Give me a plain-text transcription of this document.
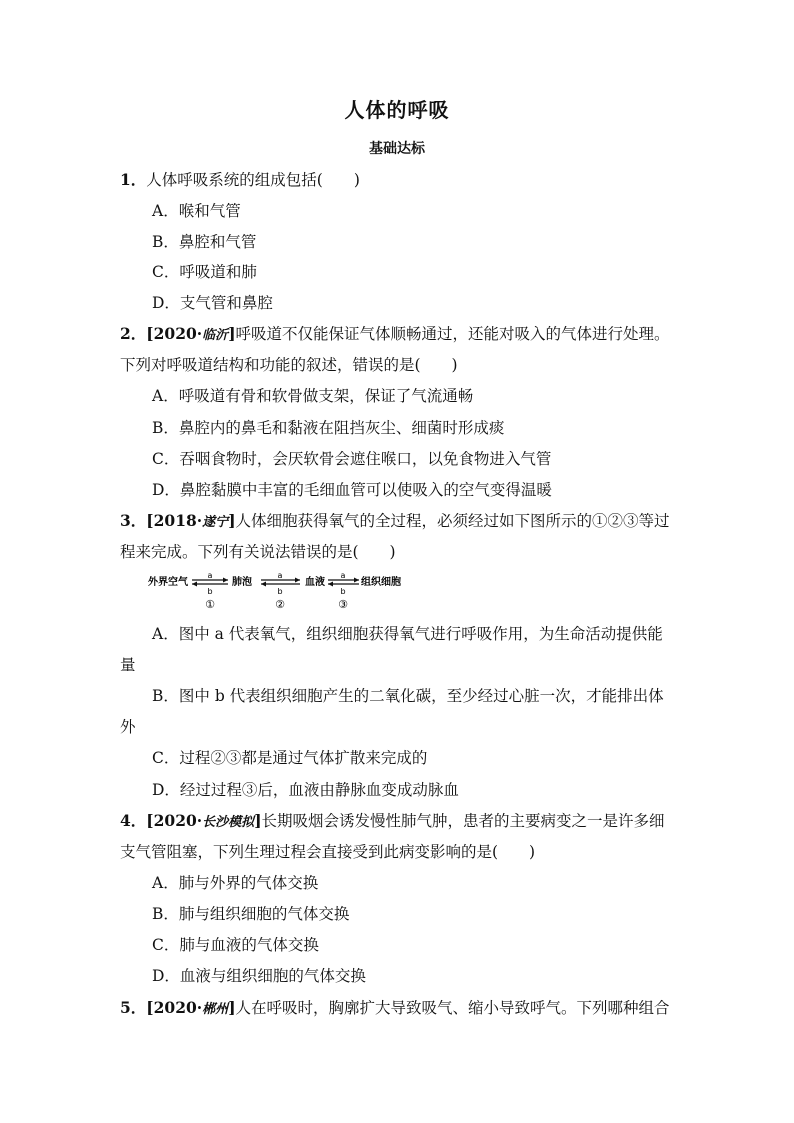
人体的呼吸
基础达标
1．人体呼吸系统的组成包括(　　)
A．喉和气管
B．鼻腔和气管
C．呼吸道和肺
D．支气管和鼻腔
2．[2020·临沂]呼吸道不仅能保证气体顺畅通过，还能对吸入的气体进行处理。
下列对呼吸道结构和功能的叙述，错误的是(　　)
A．呼吸道有骨和软骨做支架，保证了气流通畅
B．鼻腔内的鼻毛和黏液在阻挡灰尘、细菌时形成痰
C．吞咽食物时，会厌软骨会遮住喉口，以免食物进入气管
D．鼻腔黏膜中丰富的毛细血管可以使吸入的空气变得温暖
3．[2018·遂宁]人体细胞获得氧气的全过程，必须经过如下图所示的①②③等过
程来完成。下列有关说法错误的是(　　)
外界空气	肺泡	血液	组织细胞
a
b
①
a
b
②
a
b
③
A．图中 a 代表氧气，组织细胞获得氧气进行呼吸作用，为生命活动提供能
量
B．图中 b 代表组织细胞产生的二氧化碳，至少经过心脏一次，才能排出体
外
C．过程②③都是通过气体扩散来完成的
D．经过过程③后，血液由静脉血变成动脉血
4．[2020·长沙模拟]长期吸烟会诱发慢性肺气肿，患者的主要病变之一是许多细
支气管阻塞，下列生理过程会直接受到此病变影响的是(　　)
A．肺与外界的气体交换
B．肺与组织细胞的气体交换
C．肺与血液的气体交换
D．血液与组织细胞的气体交换
5．[2020·郴州]人在呼吸时，胸廓扩大导致吸气、缩小导致呼气。下列哪种组合
